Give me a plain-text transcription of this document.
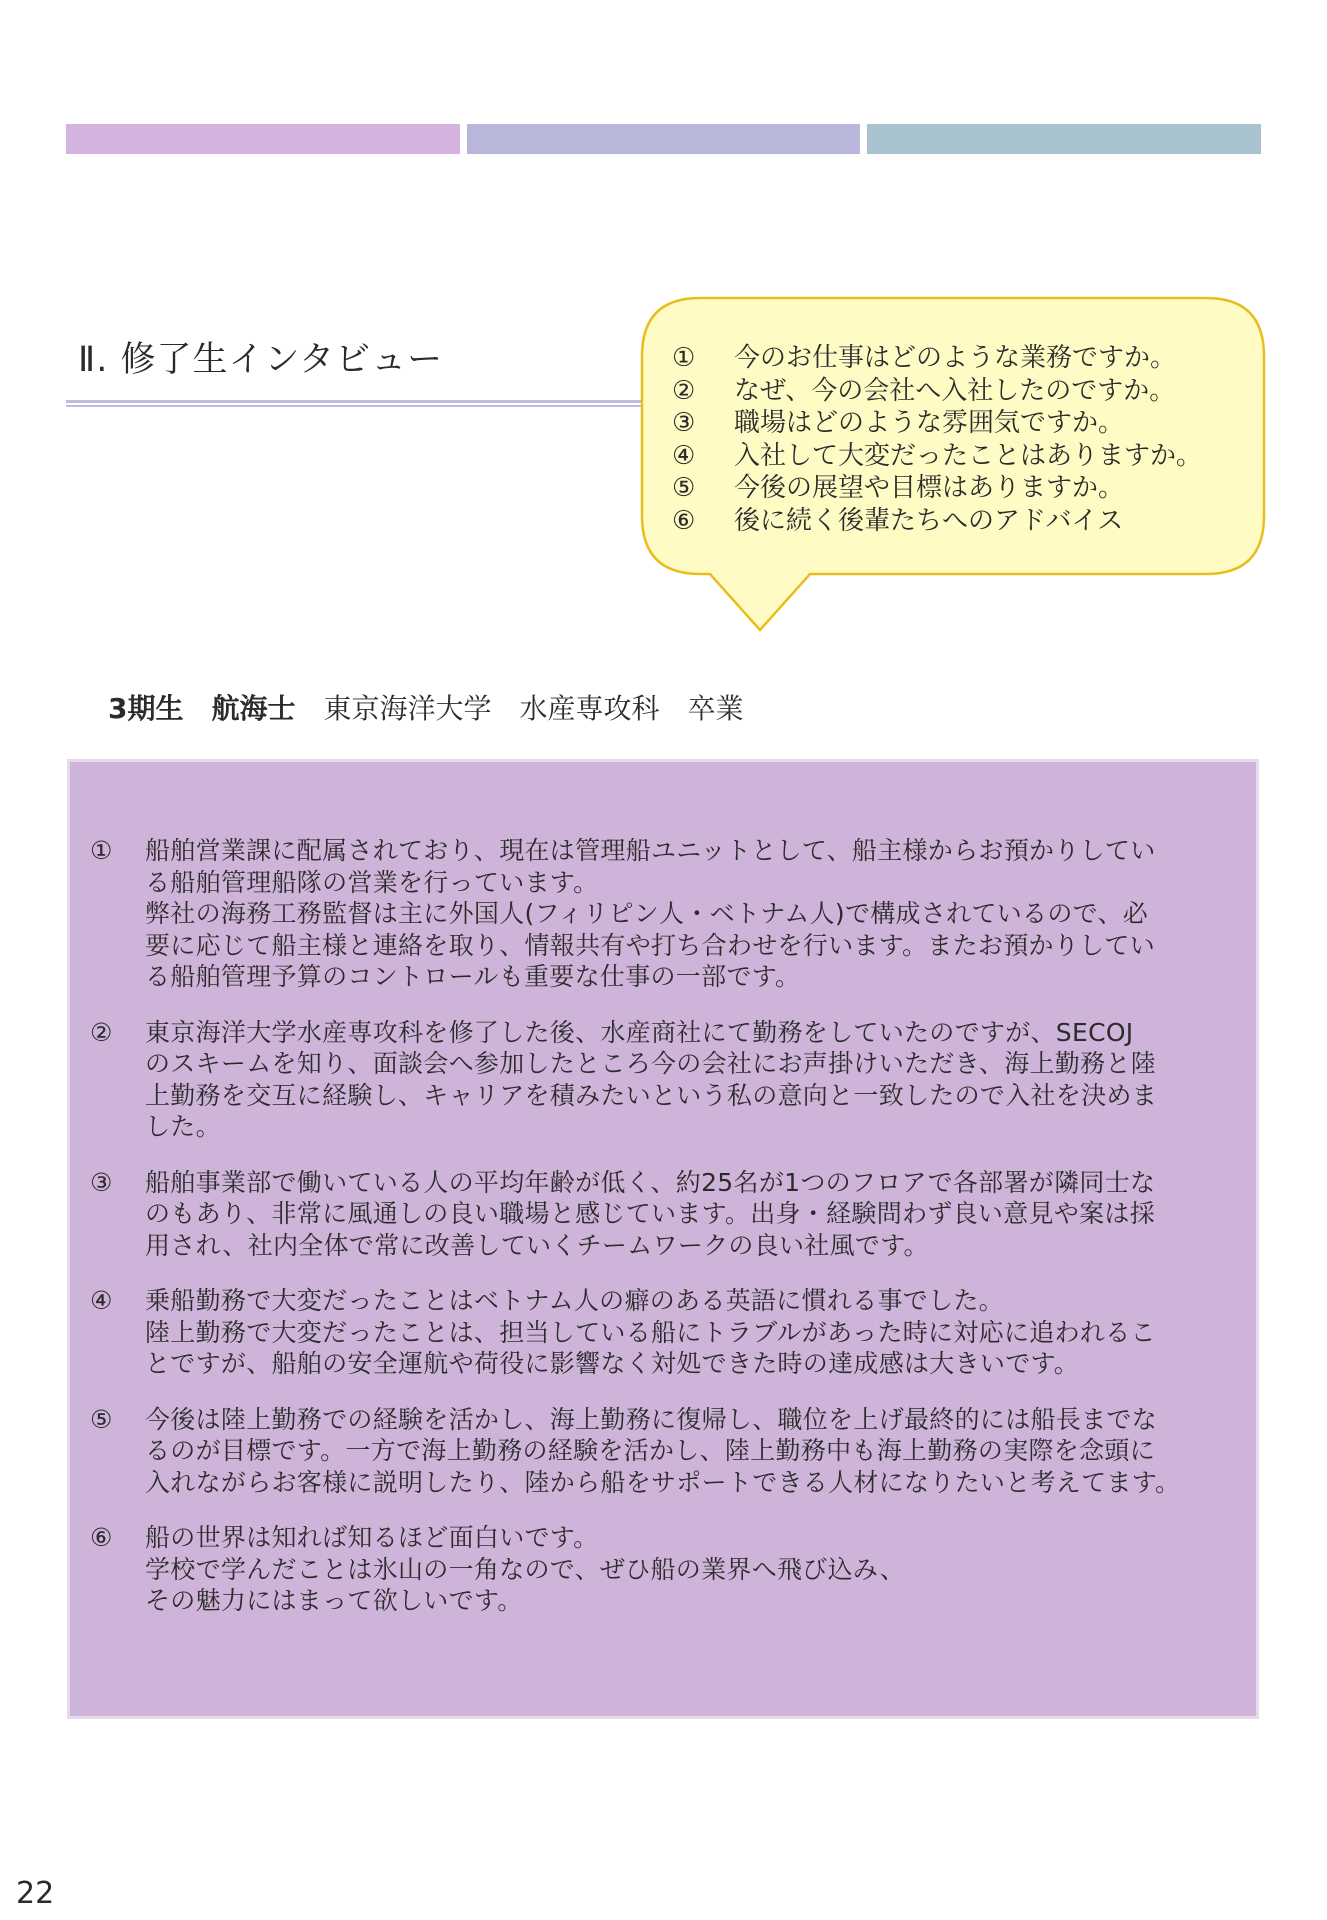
Ⅱ. 修了生インタビュー	① 今のお仕事はどのような業務ですか。
② なぜ、今の会社へ入社したのですか。
③ 職場はどのような雰囲気ですか。
④ 入社して大変だったことはありますか。
⑤ 今後の展望や目標はありますか。
⑥ 後に続く後輩たちへのアドバイス
3期生　航海士　 東京海洋大学　水産専攻科　卒業
① 船舶営業課に配属されており、現在は管理船ユニットとして、船主様からお預かりしてい
る船舶管理船隊の営業を行っています。
弊社の海務工務監督は主に外国人(フィリピン人・ベトナム人)で構成されているので、必
要に応じて船主様と連絡を取り、情報共有や打ち合わせを行います。またお預かりしてい
る船舶管理予算のコントロールも重要な仕事の一部です。
② 東京海洋大学水産専攻科を修了した後、水産商社にて勤務をしていたのですが、SECOJ
のスキームを知り、面談会へ参加したところ今の会社にお声掛けいただき、海上勤務と陸
上勤務を交互に経験し、キャリアを積みたいという私の意向と一致したので入社を決めま
した。
③ 船舶事業部で働いている人の平均年齢が低く、約25名が1つのフロアで各部署が隣同士な
のもあり、非常に風通しの良い職場と感じています。出身・経験問わず良い意見や案は採
用され、社内全体で常に改善していくチームワークの良い社風です。
④ 乗船勤務で大変だったことはベトナム人の癖のある英語に慣れる事でした。
陸上勤務で大変だったことは、担当している船にトラブルがあった時に対応に追われるこ
とですが、船舶の安全運航や荷役に影響なく対処できた時の達成感は大きいです。
⑤ 今後は陸上勤務での経験を活かし、海上勤務に復帰し、職位を上げ最終的には船長までな
るのが目標です。一方で海上勤務の経験を活かし、陸上勤務中も海上勤務の実際を念頭に
入れながらお客様に説明したり、陸から船をサポートできる人材になりたいと考えてます。
⑥ 船の世界は知れば知るほど面白いです。
学校で学んだことは氷山の一角なので、ぜひ船の業界へ飛び込み、
その魅力にはまって欲しいです。
22
